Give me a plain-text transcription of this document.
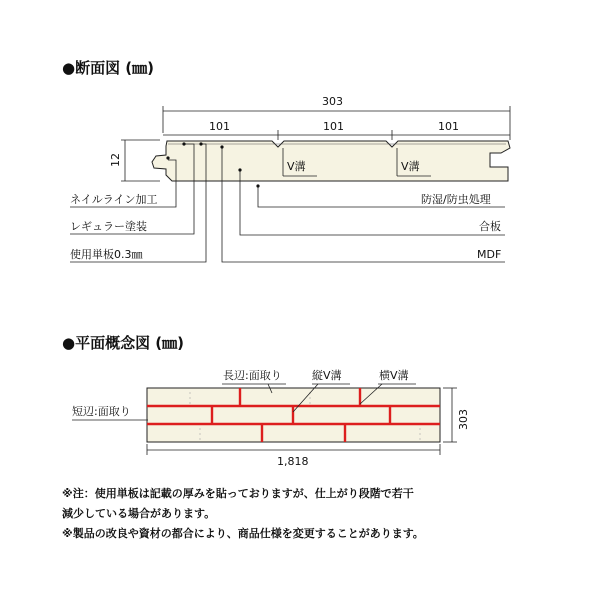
●断面図 (㎜)
303
101	101	101
12	V溝	V溝
ネイルライン加工
レギュラー塗装
使用単板0.3㎜
防湿/防虫処理
合板
MDF
●平面概念図 (㎜)
長辺:面取り	縦V溝	横V溝
短辺:面取り	303
1,818
※注：使用単板は記載の厚みを貼っておりますが、仕上がり段階で若干
減少している場合があります。
※製品の改良や資材の都合により、商品仕様を変更することがあります。
